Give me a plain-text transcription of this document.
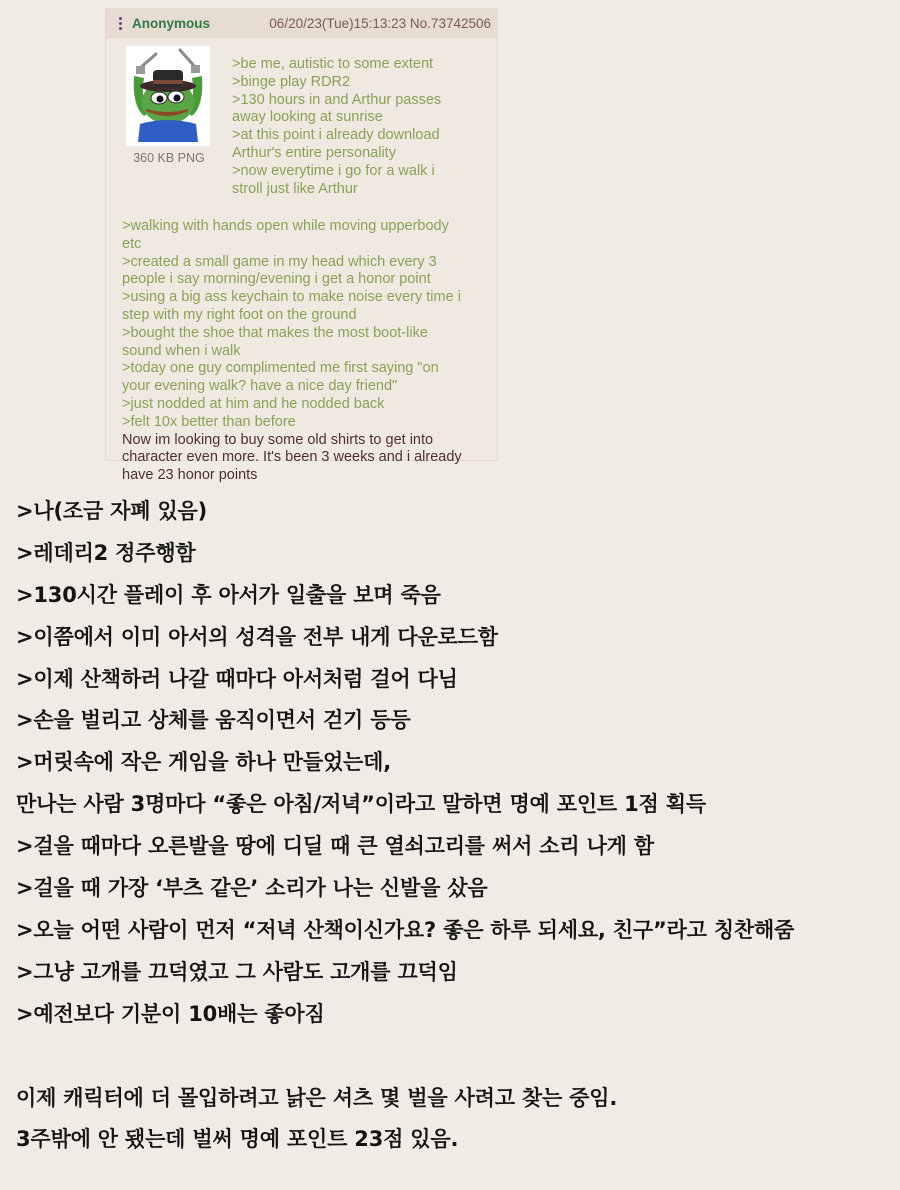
Anonymous	06/20/23(Tue)15:13:23 No.73742506
360 KB PNG
>be me, autistic to some extent
>binge play RDR2
>130 hours in and Arthur passes
away looking at sunrise
>at this point i already download
Arthur's entire personality
>now everytime i go for a walk i
stroll just like Arthur
>walking with hands open while moving upperbody
etc
>created a small game in my head which every 3
people i say morning/evening i get a honor point
>using a big ass keychain to make noise every time i
step with my right foot on the ground
>bought the shoe that makes the most boot-like
sound when i walk
>today one guy complimented me first saying "on
your evening walk? have a nice day friend"
>just nodded at him and he nodded back
>felt 10x better than before
Now im looking to buy some old shirts to get into
character even more. It's been 3 weeks and i already
have 23 honor points
>나(조금 자폐 있음)
>레데리2 정주행함
>130시간 플레이 후 아서가 일출을 보며 죽음
>이쯤에서 이미 아서의 성격을 전부 내게 다운로드함
>이제 산책하러 나갈 때마다 아서처럼 걸어 다님
>손을 벌리고 상체를 움직이면서 걷기 등등
>머릿속에 작은 게임을 하나 만들었는데,
만나는 사람 3명마다 “좋은 아침/저녁”이라고 말하면 명예 포인트 1점 획득
>걸을 때마다 오른발을 땅에 디딜 때 큰 열쇠고리를 써서 소리 나게 함
>걸을 때 가장 ‘부츠 같은’ 소리가 나는 신발을 샀음
>오늘 어떤 사람이 먼저 “저녁 산책이신가요? 좋은 하루 되세요, 친구”라고 칭찬해줌
>그냥 고개를 끄덕였고 그 사람도 고개를 끄덕임
>예전보다 기분이 10배는 좋아짐
이제 캐릭터에 더 몰입하려고 낡은 셔츠 몇 벌을 사려고 찾는 중임.
3주밖에 안 됐는데 벌써 명예 포인트 23점 있음.
